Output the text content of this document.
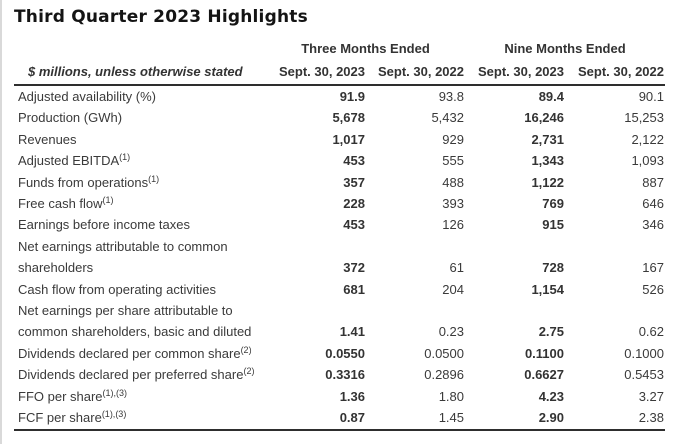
Third Quarter 2023 Highlights
	Three Months Ended		Nine Months Ended	
$ millions, unless otherwise stated	Sept. 30, 2023	Sept. 30, 2022	Sept. 30, 2023	Sept. 30, 2022

Adjusted availability (%)	91.9	93.8	89.4	90.1

Production (GWh)	5,678	5,432	16,246	15,253

Revenues	1,017	929	2,731	2,122

Adjusted EBITDA$^{(1)}$	453	555	1,343	1,093

Funds from operations$^{(1)}$	357	488	1,122	887

Free cash flow$^{(1)}$	228	393	769	646

Earnings before income taxes	453	126	915	346

Net earnings attributable to common
shareholders	372	61	728	167

Cash flow from operating activities	681	204	1,154	526

Net earnings per share attributable to
common shareholders, basic and diluted	1.41	0.23	2.75	0.62

Dividends declared per common share$^{(2)}$	0.0550	0.0500	0.1100	0.1000

Dividends declared per preferred share$^{(2)}$	0.3316	0.2896	0.6627	0.5453

FFO per share$^{(1),(3)}$	1.36	1.80	4.23	3.27

FCF per share$^{(1),(3)}$	0.87	1.45	2.90	2.38
